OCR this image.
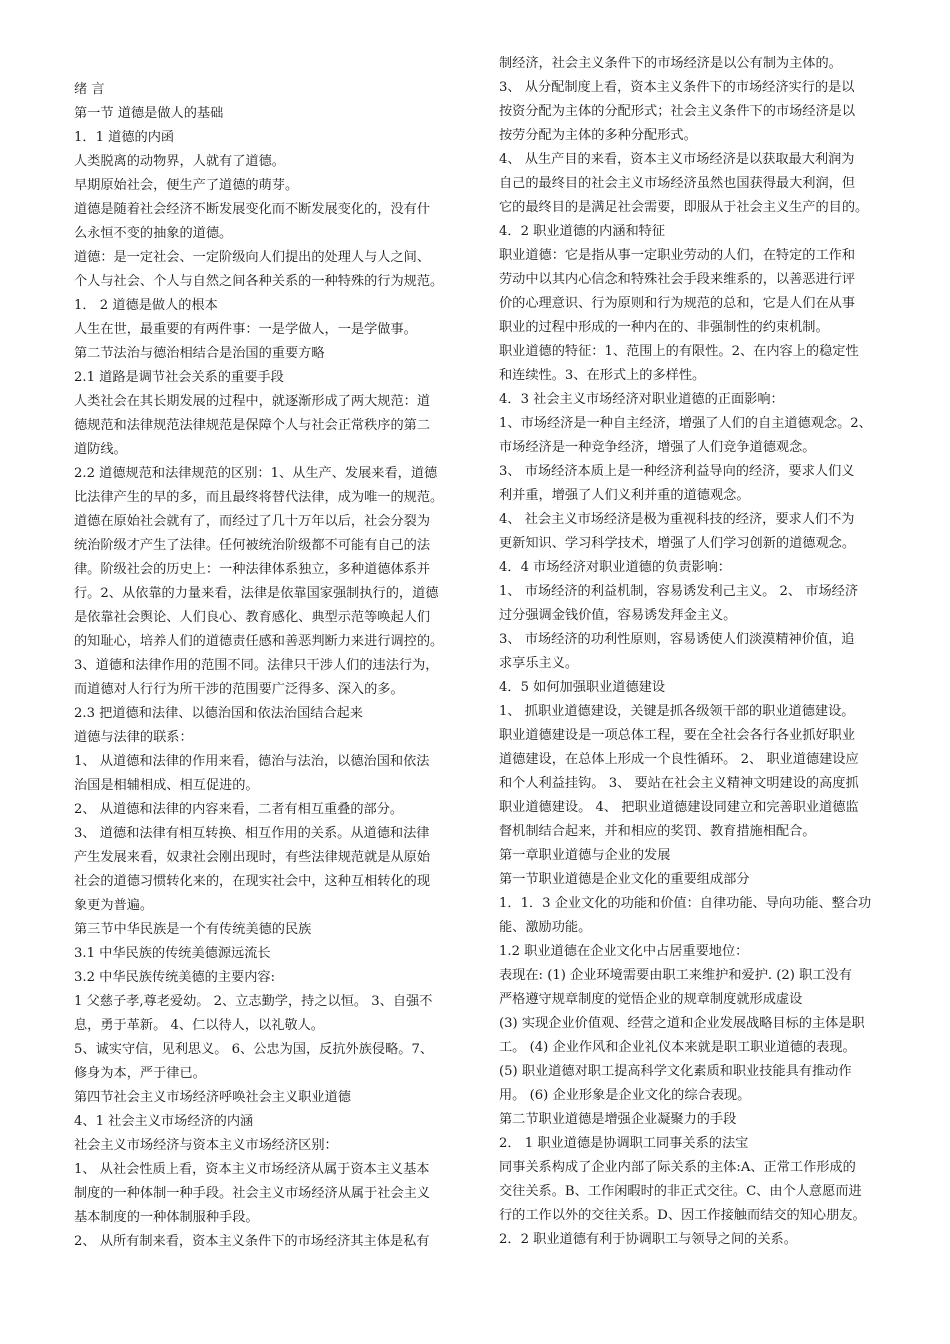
绪 言
第一节 道德是做人的基础
1．1 道德的内函
人类脱离的动物界，人就有了道德。
早期原始社会，便生产了道德的萌芽。
道德是随着社会经济不断发展变化而不断发展变化的，没有什
么永恒不变的抽象的道德。
道德：是一定社会、一定阶级向人们提出的处理人与人之间、
个人与社会、个人与自然之间各种关系的一种特殊的行为规范。
1． 2 道德是做人的根本
人生在世，最重要的有两件事：一是学做人，一是学做事。
第二节法治与德治相结合是治国的重要方略
2.1 道路是调节社会关系的重要手段
人类社会在其长期发展的过程中，就逐渐形成了两大规范：道
德规范和法律规范法律规范是保障个人与社会正常秩序的第二
道防线。
2.2 道德规范和法律规范的区别：1、从生产、发展来看，道德
比法律产生的早的多，而且最终将替代法律，成为唯一的规范。
道德在原始社会就有了，而经过了几十万年以后，社会分裂为
统治阶级才产生了法律。任何被统治阶级都不可能有自己的法
律。阶级社会的历史上：一种法律体系独立，多种道德体系并
行。2、从依靠的力量来看，法律是依靠国家强制执行的，道德
是依靠社会舆论、人们良心、教育感化、典型示范等唤起人们
的知耻心，培养人们的道德责任感和善恶判断力来进行调控的。
3、道德和法律作用的范围不同。法律只干涉人们的违法行为，
而道德对人行行为所干涉的范围要广泛得多、深入的多。
2.3 把道德和法律、以德治国和依法治国结合起来
道德与法律的联系：
1、 从道德和法律的作用来看，德治与法治，以德治国和依法
治国是相辅相成、相互促进的。
2、 从道德和法律的内容来看，二者有相互重叠的部分。
3、 道德和法律有相互转换、相互作用的关系。从道德和法律
产生发展来看，奴隶社会刚出现时，有些法律规范就是从原始
社会的道德习惯转化来的，在现实社会中，这种互相转化的现
象更为普遍。
第三节中华民族是一个有传统美德的民族
3.1 中华民族的传统美德源远流长
3.2 中华民族传统美德的主要内容:
1 父慈子孝,尊老爱幼。 2、立志勤学，持之以恒。 3、自强不
息，勇于革新。 4、仁以待人，以礼敬人。
5、诚实守信，见利思义。 6、公忠为国，反抗外族侵略。7、
修身为本，严于律已。
第四节社会主义市场经济呼唤社会主义职业道德
4、1 社会主义市场经济的内涵
社会主义市场经济与资本主义市场经济区别：
1、 从社会性质上看，资本主义市场经济从属于资本主义基本
制度的一种体制一种手段。社会主义市场经济从属于社会主义
基本制度的一种体制服种手段。
2、 从所有制来看，资本主义条件下的市场经济其主体是私有
制经济，社会主义条件下的市场经济是以公有制为主体的。
3、 从分配制度上看，资本主义条件下的市场经济实行的是以
按资分配为主体的分配形式；社会主义条件下的市场经济是以
按劳分配为主体的多种分配形式。
4、 从生产目的来看，资本主义市场经济是以获取最大利润为
自己的最终目的社会主义市场经济虽然也国获得最大利润，但
它的最终目的是满足社会需要，即服从于社会主义生产的目的。
4．2 职业道德的内涵和特征
职业道德：它是指从事一定职业劳动的人们，在特定的工作和
劳动中以其内心信念和特殊社会手段来维系的，以善恶进行评
价的心理意识、行为原则和行为规范的总和，它是人们在从事
职业的过程中形成的一种内在的、非强制性的约束机制。
职业道德的特征：1、范围上的有限性。2、在内容上的稳定性
和连续性。3、在形式上的多样性。
4．3 社会主义市场经济对职业道德的正面影响：
1、市场经济是一种自主经济，增强了人们的自主道德观念。2、
市场经济是一种竞争经济，增强了人们竞争道德观念。
3、 市场经济本质上是一种经济利益导向的经济，要求人们义
利并重，增强了人们义利并重的道德观念。
4、 社会主义市场经济是极为重视科技的经济，要求人们不为
更新知识、学习科学技术，增强了人们学习创新的道德观念。
4．4 市场经济对职业道德的负责影响：
1、 市场经济的利益机制，容易诱发利己主义。 2、 市场经济
过分强调金钱价值，容易诱发拜金主义。
3、 市场经济的功利性原则，容易诱使人们淡漠精神价值，追
求享乐主义。
4．5 如何加强职业道德建设
1、 抓职业道德建设，关键是抓各级领干部的职业道德建设。
职业道德建设是一项总体工程，要在全社会各行各业抓好职业
道德建设，在总体上形成一个良性循环。 2、 职业道德建设应
和个人利益挂钩。 3、 要站在社会主义精神文明建设的高度抓
职业道德建设。 4、 把职业道德建设同建立和完善职业道德监
督机制结合起来，并和相应的奖罚、教育措施相配合。
第一章职业道德与企业的发展
第一节职业道德是企业文化的重要组成部分
1．1．3 企业文化的功能和价值：自律功能、导向功能、整合功
能、激励功能。
1.2 职业道德在企业文化中占居重要地位：
表现在: (1) 企业环境需要由职工来维护和爱护. (2) 职工没有
严格遵守规章制度的觉悟企业的规章制度就形成虚设
(3) 实现企业价值观、经营之道和企业发展战略目标的主体是职
工。 (4) 企业作风和企业礼仪本来就是职工职业道德的表现。
(5) 职业道德对职工提高科学文化素质和职业技能具有推动作
用。 (6) 企业形象是企业文化的综合表现。
第二节职业道德是增强企业凝聚力的手段
2． 1 职业道德是协调职工同事关系的法宝
同事关系构成了企业内部了际关系的主体:A、正常工作形成的
交往关系。B、工作闲暇时的非正式交往。C、由个人意愿而进
行的工作以外的交往关系。D、因工作接触而结交的知心朋友。
2．2 职业道德有利于协调职工与领导之间的关系。
